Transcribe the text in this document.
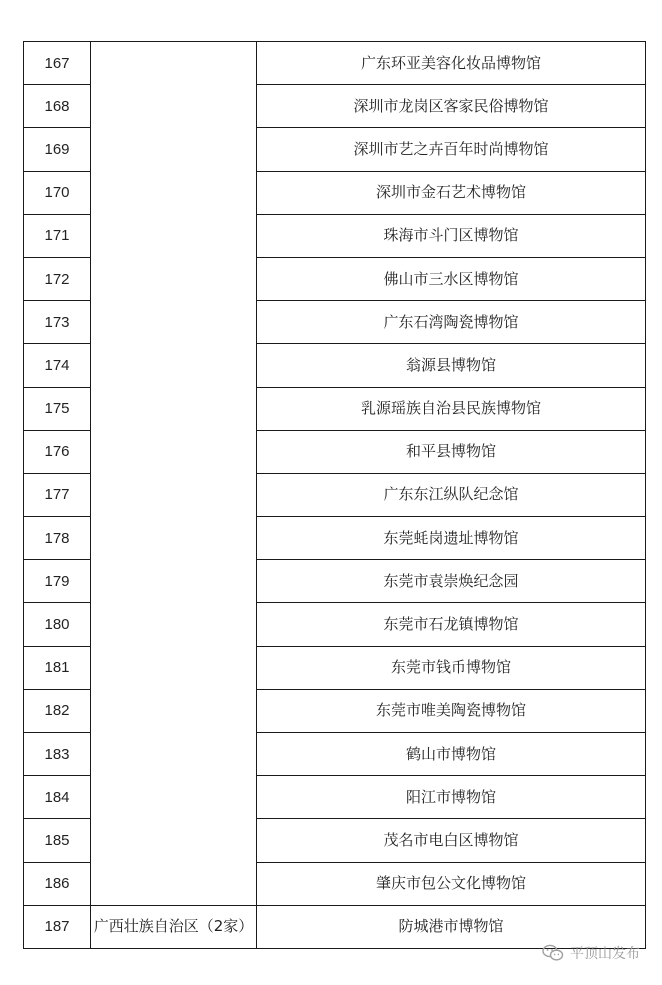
167		广东环亚美容化妆品博物馆
168		深圳市龙岗区客家民俗博物馆
169		深圳市艺之卉百年时尚博物馆
170		深圳市金石艺术博物馆
171		珠海市斗门区博物馆
172		佛山市三水区博物馆
173		广东石湾陶瓷博物馆
174		翁源县博物馆
175		乳源瑶族自治县民族博物馆
176		和平县博物馆
177		广东东江纵队纪念馆
178		东莞蚝岗遗址博物馆
179		东莞市袁崇焕纪念园
180		东莞市石龙镇博物馆
181		东莞市钱币博物馆
182		东莞市唯美陶瓷博物馆
183		鹤山市博物馆
184		阳江市博物馆
185		茂名市电白区博物馆
186		肇庆市包公文化博物馆
187	广西壮族自治区（2家）	防城港市博物馆
平顶山发布
